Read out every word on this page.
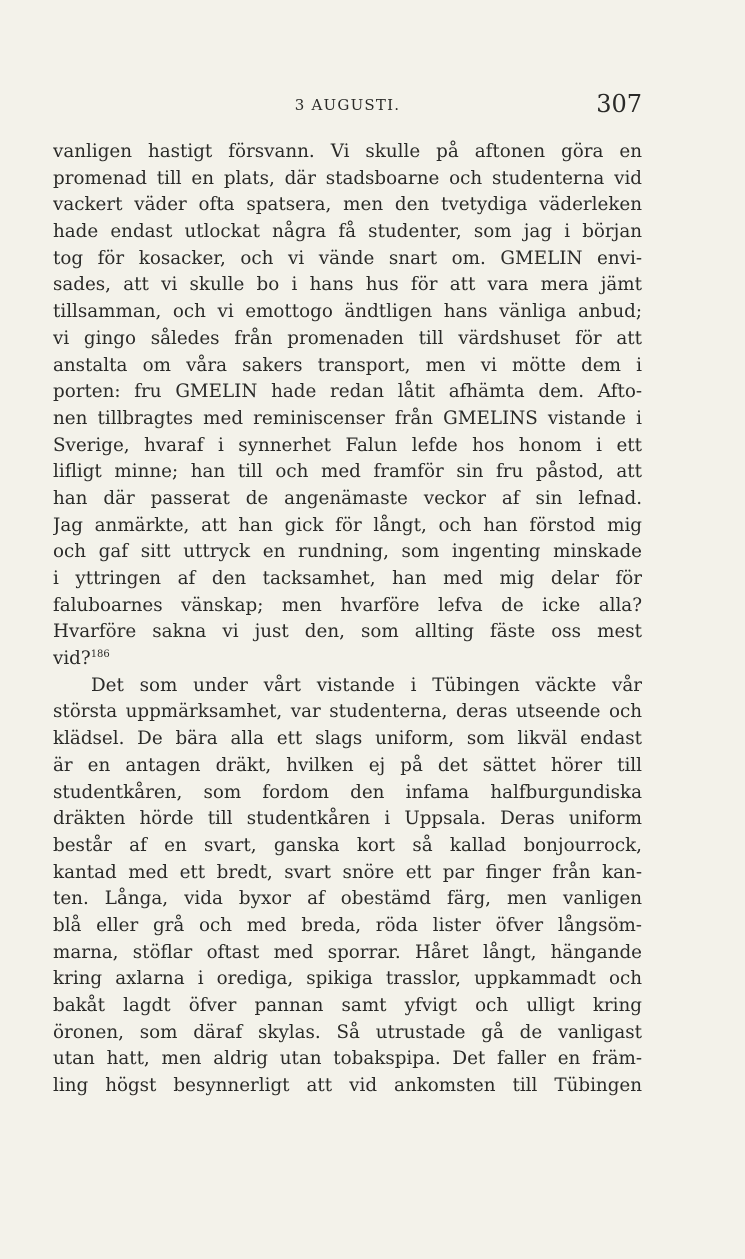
3 AUGUSTI.	307
vanligen hastigt försvann. Vi skulle på aftonen göra en
promenad till en plats, där stadsboarne och studenterna vid
vackert väder ofta spatsera, men den tvetydiga väderleken
hade endast utlockat några få studenter, som jag i början
tog för kosacker, och vi vände snart om. GMELIN envi-
sades, att vi skulle bo i hans hus för att vara mera jämt
tillsamman, och vi emottogo ändtligen hans vänliga anbud;
vi gingo således från promenaden till värdshuset för att
anstalta om våra sakers transport, men vi mötte dem i
porten: fru GMELIN hade redan låtit afhämta dem. Afto-
nen tillbragtes med reminiscenser från GMELINS vistande i
Sverige, hvaraf i synnerhet Falun lefde hos honom i ett
lifligt minne; han till och med framför sin fru påstod, att
han där passerat de angenämaste veckor af sin lefnad.
Jag anmärkte, att han gick för långt, och han förstod mig
och gaf sitt uttryck en rundning, som ingenting minskade
i yttringen af den tacksamhet, han med mig delar för
faluboarnes vänskap; men hvarföre lefva de icke alla?
Hvarföre sakna vi just den, som allting fäste oss mest
vid?$^{186}$
Det som under vårt vistande i Tübingen väckte vår
största uppmärksamhet, var studenterna, deras utseende och
klädsel. De bära alla ett slags uniform, som likväl endast
är en antagen dräkt, hvilken ej på det sättet hörer till
studentkåren, som fordom den infama halfburgundiska
dräkten hörde till studentkåren i Uppsala. Deras uniform
består af en svart, ganska kort så kallad bonjourrock,
kantad med ett bredt, svart snöre ett par finger från kan-
ten. Långa, vida byxor af obestämd färg, men vanligen
blå eller grå och med breda, röda lister öfver långsöm-
marna, stöflar oftast med sporrar. Håret långt, hängande
kring axlarna i orediga, spikiga trasslor, uppkammadt och
bakåt lagdt öfver pannan samt yfvigt och ulligt kring
öronen, som däraf skylas. Så utrustade gå de vanligast
utan hatt, men aldrig utan tobakspipa. Det faller en främ-
ling högst besynnerligt att vid ankomsten till Tübingen
